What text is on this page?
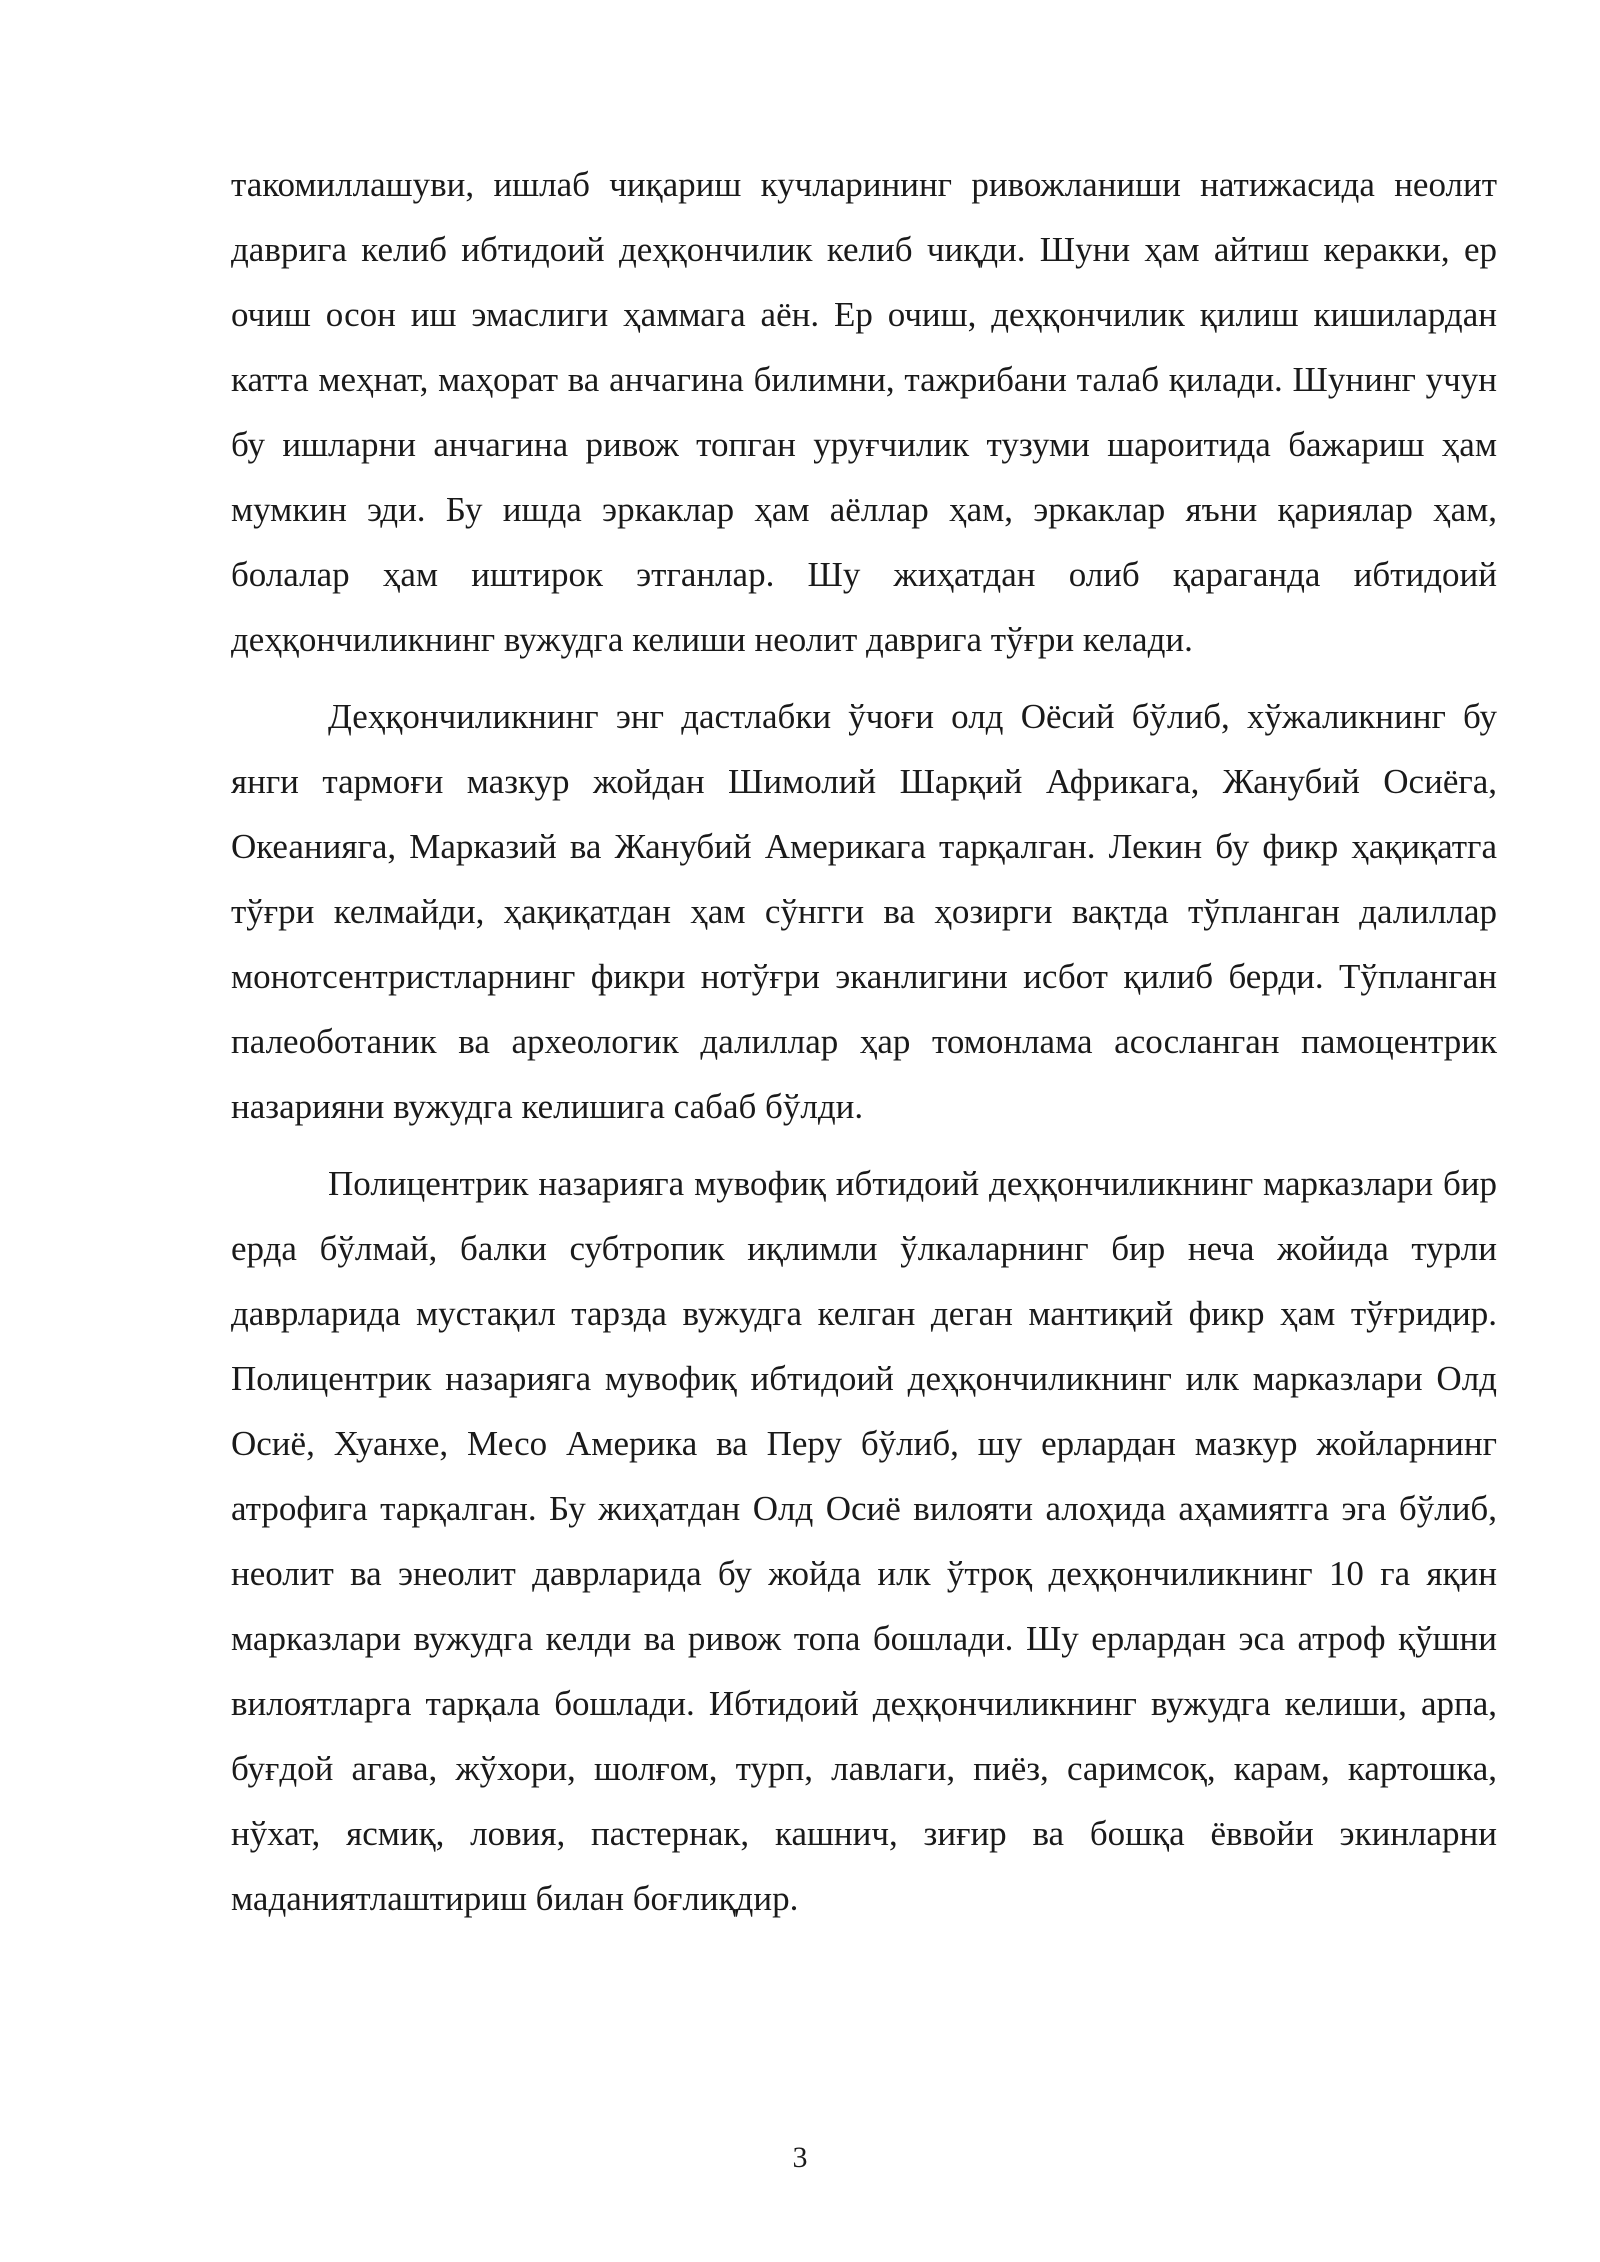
такомиллашуви, ишлаб чиқариш кучларининг ривожланиши натижасида неолит даврига келиб ибтидоий деҳқончилик келиб чиқди. Шуни ҳам айтиш керакки, ер очиш осон иш эмаслиги ҳаммага аён. Ер очиш, деҳқончилик қилиш кишилардан катта меҳнат, маҳорат ва анчагина билимни, тажрибани талаб қилади. Шунинг учун бу ишларни анчагина ривож топган уруғчилик тузуми шароитида бажариш ҳам мумкин эди. Бу ишда эркаклар ҳам аёллар ҳам, эркаклар яъни қариялар ҳам, болалар ҳам иштирок этганлар. Шу жиҳатдан олиб қараганда ибтидоий деҳқончиликнинг вужудга келиши неолит даврига тўғри келади.

Деҳқончиликнинг энг дастлабки ўчоғи олд Оёсий бўлиб, хўжаликнинг бу янги тармоғи мазкур жойдан Шимолий Шарқий Африкага, Жанубий Осиёга, Океанияга, Марказий ва Жанубий Америкага тарқалган. Лекин бу фикр ҳақиқатга тўғри келмайди, ҳақиқатдан ҳам сўнгги ва ҳозирги вақтда тўпланган далиллар монотсентристларнинг фикри нотўғри эканлигини исбот қилиб берди. Тўпланган палеоботаник ва археологик далиллар ҳар томонлама асосланган памоцентрик назарияни вужудга келишига сабаб бўлди.

Полицентрик назарияга мувофиқ ибтидоий деҳқончиликнинг марказлари бир ерда бўлмай, балки субтропик иқлимли ўлкаларнинг бир неча жойида турли даврларида мустақил тарзда вужудга келган деган мантиқий фикр ҳам тўғридир. Полицентрик назарияга мувофиқ ибтидоий деҳқончиликнинг илк марказлари Олд Осиё, Хуанхе, Месо Америка ва Перу бўлиб, шу ерлардан мазкур жойларнинг атрофига тарқалган. Бу жиҳатдан Олд Осиё вилояти алоҳида аҳамиятга эга бўлиб, неолит ва энеолит даврларида бу жойда илк ўтроқ деҳқончиликнинг 10 га яқин марказлари вужудга келди ва ривож топа бошлади. Шу ерлардан эса атроф қўшни вилоятларга тарқала бошлади. Ибтидоий деҳқончиликнинг вужудга келиши, арпа, буғдой агава, жўхори, шолғом, турп, лавлаги, пиёз, саримсоқ, карам, картошка, нўхат, ясмиқ, ловия, пастернак, кашнич, зиғир ва бошқа ёввойи экинларни маданиятлаштириш билан боғлиқдир.

3
